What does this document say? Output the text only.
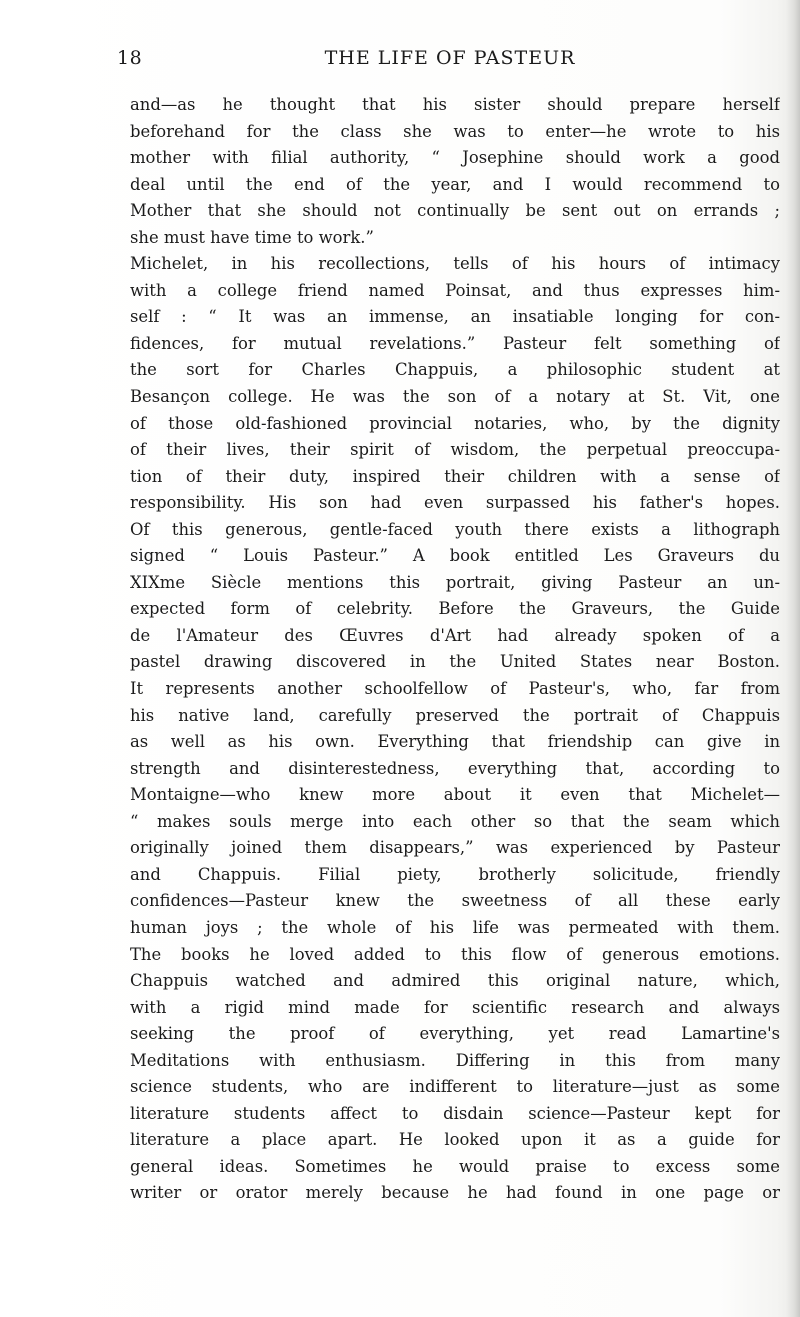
18	THE LIFE OF PASTEUR
and—as he thought that his sister should prepare herself
beforehand for the class she was to enter—he wrote to his
mother with filial authority, “ Josephine should work a good
deal until the end of the year, and I would recommend to
Mother that she should not continually be sent out on errands ;
she must have time to work.”
Michelet, in his recollections, tells of his hours of intimacy
with a college friend named Poinsat, and thus expresses him-
self : “ It was an immense, an insatiable longing for con-
fidences, for mutual revelations.” Pasteur felt something of
the sort for Charles Chappuis, a philosophic student at
Besançon college. He was the son of a notary at St. Vit, one
of those old-fashioned provincial notaries, who, by the dignity
of their lives, their spirit of wisdom, the perpetual preoccupa-
tion of their duty, inspired their children with a sense of
responsibility. His son had even surpassed his father's hopes.
Of this generous, gentle-faced youth there exists a lithograph
signed “ Louis Pasteur.” A book entitled Les Graveurs du
XIXme Siècle mentions this portrait, giving Pasteur an un-
expected form of celebrity. Before the Graveurs, the Guide
de l'Amateur des Œuvres d'Art had already spoken of a
pastel drawing discovered in the United States near Boston.
It represents another schoolfellow of Pasteur's, who, far from
his native land, carefully preserved the portrait of Chappuis
as well as his own. Everything that friendship can give in
strength and disinterestedness, everything that, according to
Montaigne—who knew more about it even that Michelet—
“ makes souls merge into each other so that the seam which
originally joined them disappears,” was experienced by Pasteur
and Chappuis. Filial piety, brotherly solicitude, friendly
confidences—Pasteur knew the sweetness of all these early
human joys ; the whole of his life was permeated with them.
The books he loved added to this flow of generous emotions.
Chappuis watched and admired this original nature, which,
with a rigid mind made for scientific research and always
seeking the proof of everything, yet read Lamartine's
Meditations with enthusiasm. Differing in this from many
science students, who are indifferent to literature—just as some
literature students affect to disdain science—Pasteur kept for
literature a place apart. He looked upon it as a guide for
general ideas. Sometimes he would praise to excess some
writer or orator merely because he had found in one page or
